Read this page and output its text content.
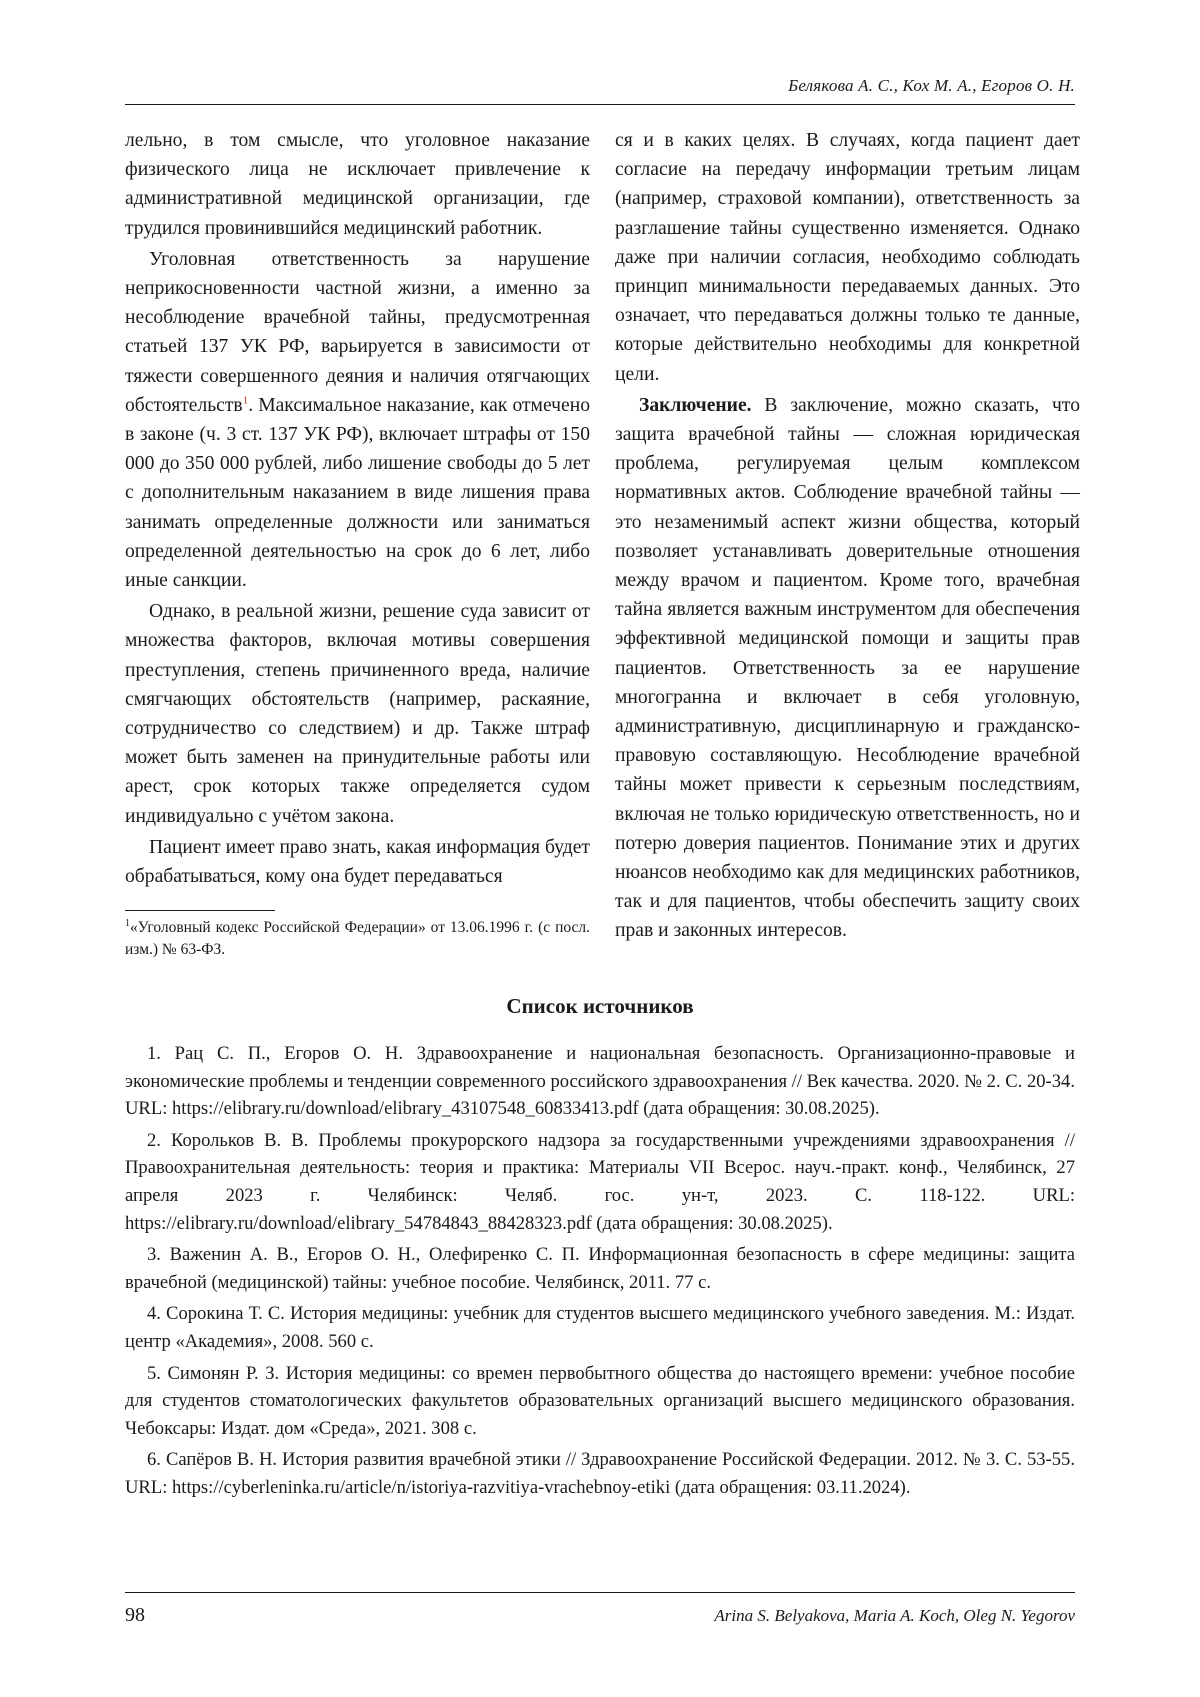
Белякова А. С., Кох М. А., Егоров О. Н.

лельно, в том смысле, что уголовное наказание физического лица не исключает привлечение к административной медицинской организации, где трудился провинившийся медицинский работник.

Уголовная ответственность за нарушение неприкосновенности частной жизни, а именно за несоблюдение врачебной тайны, предусмотренная статьей 137 УК РФ, варьируется в зависимости от тяжести совершенного деяния и наличия отягчающих обстоятельств$^1$. Максимальное наказание, как отмечено в законе (ч. 3 ст. 137 УК РФ), включает штрафы от 150 000 до 350 000 рублей, либо лишение свободы до 5 лет с дополнительным наказанием в виде лишения права занимать определенные должности или заниматься определенной деятельностью на срок до 6 лет, либо иные санкции.

Однако, в реальной жизни, решение суда зависит от множества факторов, включая мотивы совершения преступления, степень причиненного вреда, наличие смягчающих обстоятельств (например, раскаяние, сотрудничество со следствием) и др. Также штраф может быть заменен на принудительные работы или арест, срок которых также определяется судом индивидуально с учётом закона.

Пациент имеет право знать, какая информация будет обрабатываться, кому она будет передаваться

ся и в каких целях. В случаях, когда пациент дает согласие на передачу информации третьим лицам (например, страховой компании), ответственность за разглашение тайны существенно изменяется. Однако даже при наличии согласия, необходимо соблюдать принцип минимальности передаваемых данных. Это означает, что передаваться должны только те данные, которые действительно необходимы для конкретной цели.

Заключение. В заключение, можно сказать, что защита врачебной тайны — сложная юридическая проблема, регулируемая целым комплексом нормативных актов. Соблюдение врачебной тайны — это незаменимый аспект жизни общества, который позволяет устанавливать доверительные отношения между врачом и пациентом. Кроме того, врачебная тайна является важным инструментом для обеспечения эффективной медицинской помощи и защиты прав пациентов. Ответственность за ее нарушение многогранна и включает в себя уголовную, административную, дисциплинарную и гражданско-правовую составляющую. Несоблюдение врачебной тайны может привести к серьезным последствиям, включая не только юридическую ответственность, но и потерю доверия пациентов. Понимание этих и других нюансов необходимо как для медицинских работников, так и для пациентов, чтобы обеспечить защиту своих прав и законных интересов.

$^1$«Уголовный кодекс Российской Федерации» от 13.06.1996 г. (с посл. изм.) № 63-ФЗ.
Список источников

1. Рац С. П., Егоров О. Н. Здравоохранение и национальная безопасность. Организационно-правовые и экономические проблемы и тенденции современного российского здравоохранения // Век качества. 2020. № 2. С. 20-34. URL: https://elibrary.ru/download/elibrary_43107548_60833413.pdf (дата обращения: 30.08.2025).

2. Корольков В. В. Проблемы прокурорского надзора за государственными учреждениями здравоохранения // Правоохранительная деятельность: теория и практика: Материалы VII Всерос. науч.-практ. конф., Челябинск, 27 апреля 2023 г. Челябинск: Челяб. гос. ун-т, 2023. С. 118-122. URL: https://elibrary.ru/download/elibrary_54784843_88428323.pdf (дата обращения: 30.08.2025).

3. Важенин А. В., Егоров О. Н., Олефиренко С. П. Информационная безопасность в сфере медицины: защита врачебной (медицинской) тайны: учебное пособие. Челябинск, 2011. 77 с.

4. Сорокина Т. С. История медицины: учебник для студентов высшего медицинского учебного заведения. М.: Издат. центр «Академия», 2008. 560 с.

5. Симонян Р. З. История медицины: со времен первобытного общества до настоящего времени: учебное пособие для студентов стоматологических факультетов образовательных организаций высшего медицинского образования. Чебоксары: Издат. дом «Среда», 2021. 308 с.

6. Сапёров В. Н. История развития врачебной этики // Здравоохранение Российской Федерации. 2012. № 3. С. 53-55. URL: https://cyberleninka.ru/article/n/istoriya-razvitiya-vrachebnoy-etiki (дата обращения: 03.11.2024).

98	Arina S. Belyakova, Maria A. Koch, Oleg N. Yegorov
